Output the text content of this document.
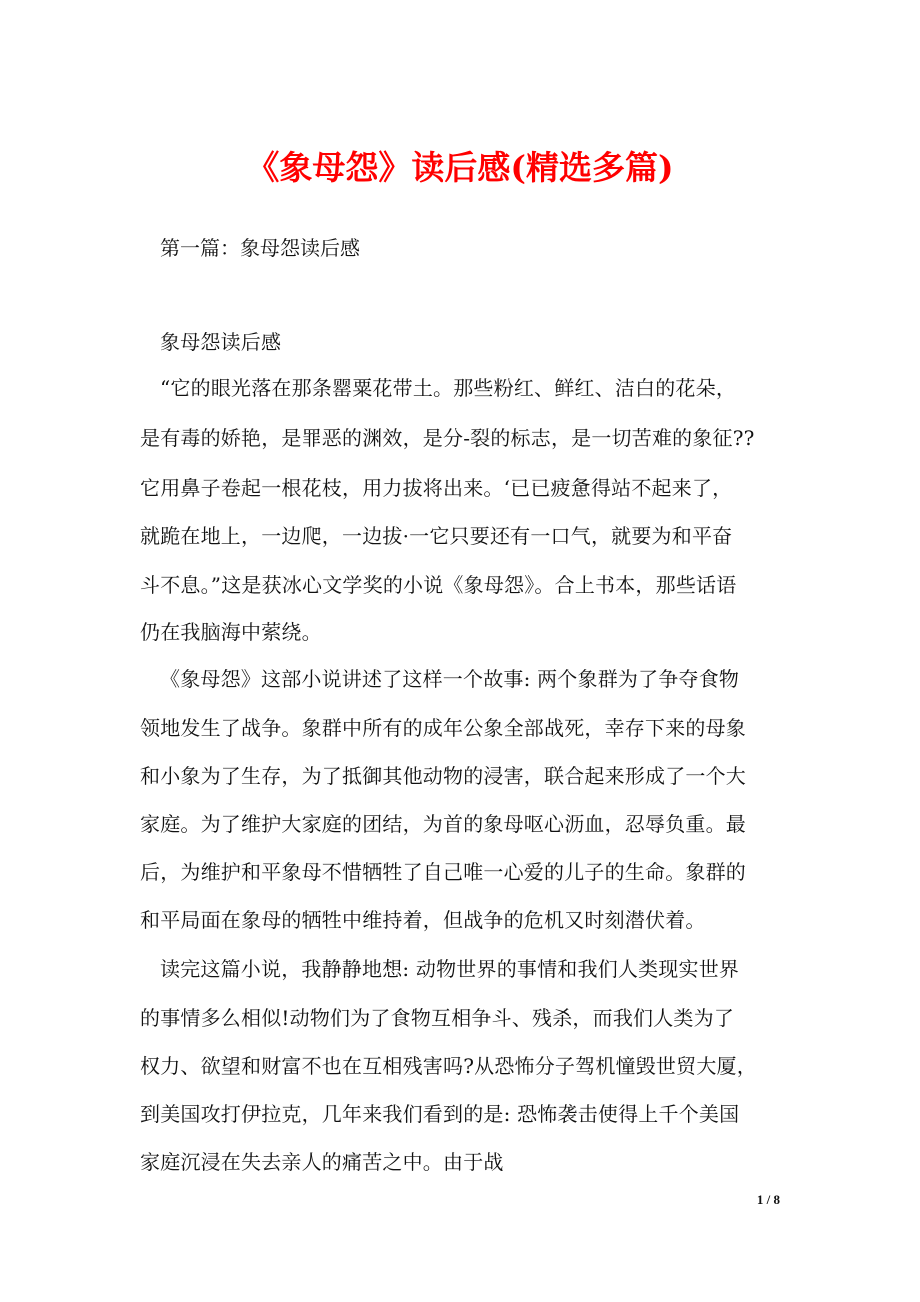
《象母怨》读后感(精选多篇)
第一篇：象母怨读后感
象母怨读后感
“它的眼光落在那条罂粟花带土。那些粉红、鲜红、洁白的花朵，
是有毒的娇艳，是罪恶的渊效，是分-裂的标志，是一切苦难的象征??
它用鼻子卷起一根花枝，用力拔将出来。‘已已疲惫得站不起来了，
就跪在地上，一边爬，一边拔·一它只要还有一口气，就要为和平奋
斗不息。”这是获冰心文学奖的小说《象母怨》。合上书本，那些话语
仍在我脑海中萦绕。
《象母怨》这部小说讲述了这样一个故事: 两个象群为了争夺食物
领地发生了战争。象群中所有的成年公象全部战死，幸存下来的母象
和小象为了生存，为了抵御其他动物的浸害，联合起来形成了一个大
家庭。为了维护大家庭的团结，为首的象母呕心沥血，忍辱负重。最
后，为维护和平象母不惜牺牲了自己唯一心爱的儿子的生命。象群的
和平局面在象母的牺牲中维持着，但战争的危机又时刻潜伏着。
读完这篇小说，我静静地想: 动物世界的事情和我们人类现实世界
的事情多么相似!动物们为了食物互相争斗、残杀，而我们人类为了
权力、欲望和财富不也在互相残害吗?从恐怖分子驾机憧毁世贸大厦，
到美国攻打伊拉克，几年来我们看到的是: 恐怖袭击使得上千个美国
家庭沉浸在失去亲人的痛苦之中。由于战
1 / 8
